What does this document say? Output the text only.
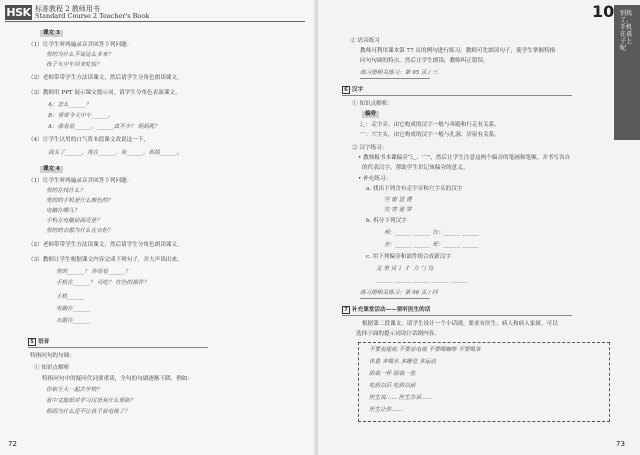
HSK 标准教程 2 教师用书
Standard Course 2 Teacher's Book
课文 3
（1）让学生听两遍录音并回答下列问题：
男的为什么不说这么多来？
孩子火中午回来吃饭？
（2）老师带带学生方法读课文，然后请学生分角色朗读课文。
（3）教师用 PPT 展示课文提示词，请学生分角色表演课文。
A：怎么______？
B：哥哥今天中午______。
A：我看看______，______真不少？ 妈妈呢？
（4）让学生以男的口气将本段课文改说这一下，
我买了______，现在______，有______，妈妈______。
课文 4
（1）让学生听两遍录音并回答下列问题：
男的在找什么？
男的的手机是什么颜色的？
电脑在哪儿？
手机在电脑前面还是？
男的的衣服为什么在衣柜？
（2）老师带带学生方法读课文，然后请学生分角色朗读课文。
（3）教师让学生根据课文内容完成下列句子，并大声读出来。
男的______？ 你看看______？
手机在______？ 可吃？ 红色的那件？
手机______
电脑在______
衣服在______
5 语音
特指问句的句调：
① 知识点解析
特指问句中的疑问代词要重读，全句的句调逐渐下降，例如：
你和王大一起去学校？
看中文报纸对学习汉语有什么帮助？
妈妈为什么还不让孩子看电视了？
72
10 别找了，手机在桌子上呢
② 语音练习
教师可利用课本第 77 页的例句进行练习。教师可先朗读句子，使学生掌握特指
问句句调的特点，然后让学生朗读，教师纠正错误。
练习册相关练习：第 95 页 / 三
6 汉字
① 知识点解析：
偏旁
辶：走字旁。由它构成的汉字一般与奔跑和行走有关系。
宀：穴字头。由它构成的汉字一般与孔洞、房屋有关系。
② 汉字练习：
• 教师板书本课偏旁“辶、宀”，然后让学生注意这两个偏旁的笔画和笔顺，并书写各自
的代表汉字，帮助学生识记该偏旁的意义。
• 补充练习：
a. 找出下列含有走字旁和穴字头的汉字
空 窗 送 建
究 容 迷 穿
b. 拆分下列汉字
利：______ ______ 告：______ ______
旁：______ ______ 哥：______ ______
c. 用下列偏旁和部件组合成新汉字
又 男 贝 讠 扌 力 勹 鸟
______ ______ ______ ______ ______
练习册相关练习：第 96 页 / 四
7 补充课堂活动——要听医生的话
根据第二段课文，请学生设计一个小话剧。要求有医生、病人和病人家属。可以
选择下面的提示词设计话剧内容。
不要看报纸 不要看电视 不要喝咖啡 不要喝茶
休息 多喝水 多睡觉 多运动
给我一杯 给我一张
吃药以后 吃药以前
医生说…… 医生告诉……
医生让你……
73
